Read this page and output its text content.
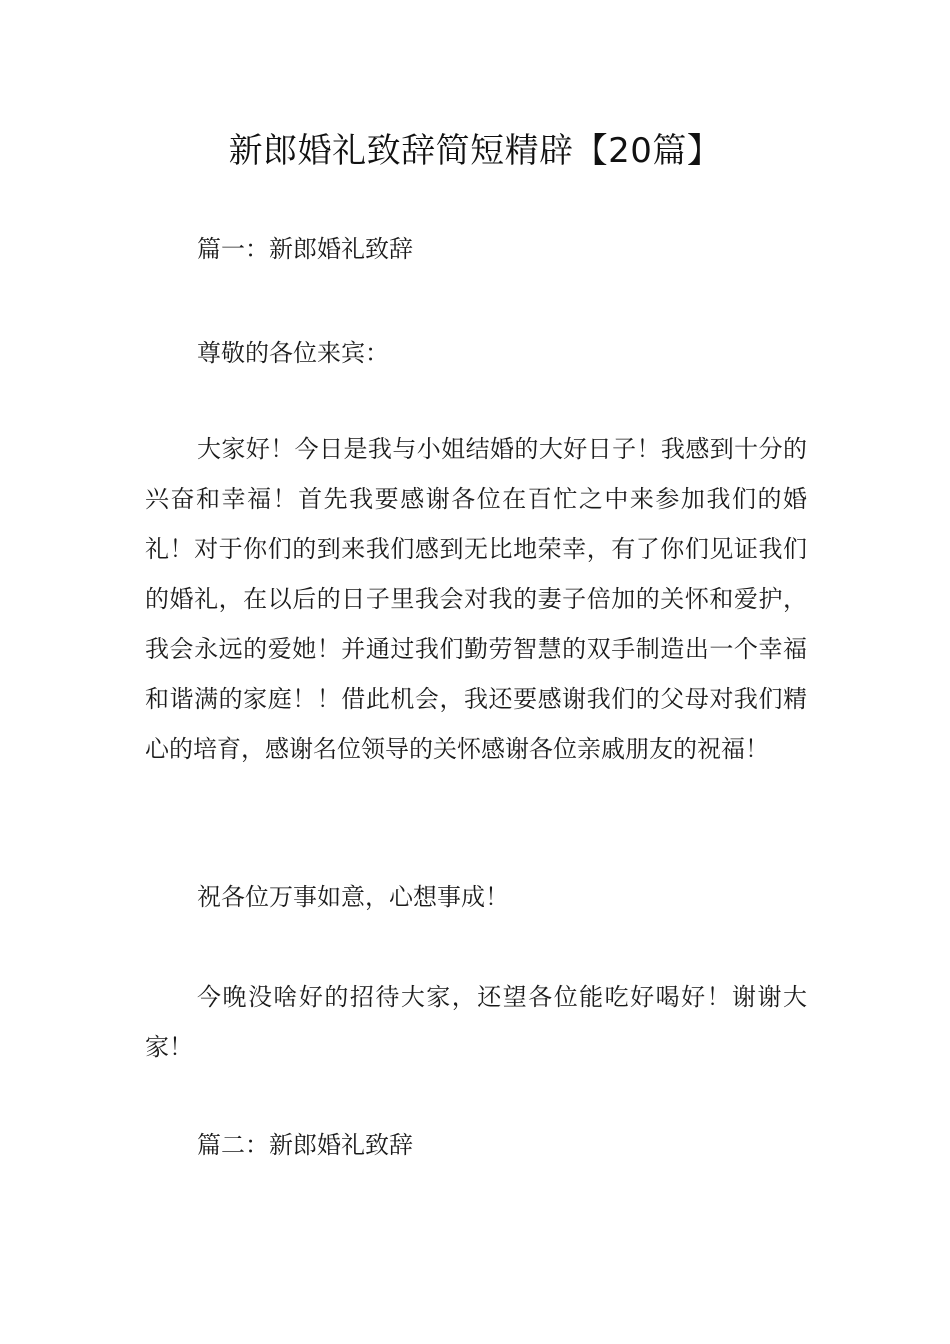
新郎婚礼致辞简短精辟【20篇】

篇一：新郎婚礼致辞

尊敬的各位来宾：

大家好！今日是我与小姐结婚的大好日子！我感到十分的兴奋和幸福！首先我要感谢各位在百忙之中来参加我们的婚礼！对于你们的到来我们感到无比地荣幸，有了你们见证我们的婚礼，在以后的日子里我会对我的妻子倍加的关怀和爱护，我会永远的爱她！并通过我们勤劳智慧的双手制造出一个幸福和谐满的家庭！！借此机会，我还要感谢我们的父母对我们精心的培育，感谢名位领导的关怀感谢各位亲戚朋友的祝福！

祝各位万事如意，心想事成！

今晚没啥好的招待大家，还望各位能吃好喝好！谢谢大家！

篇二：新郎婚礼致辞
